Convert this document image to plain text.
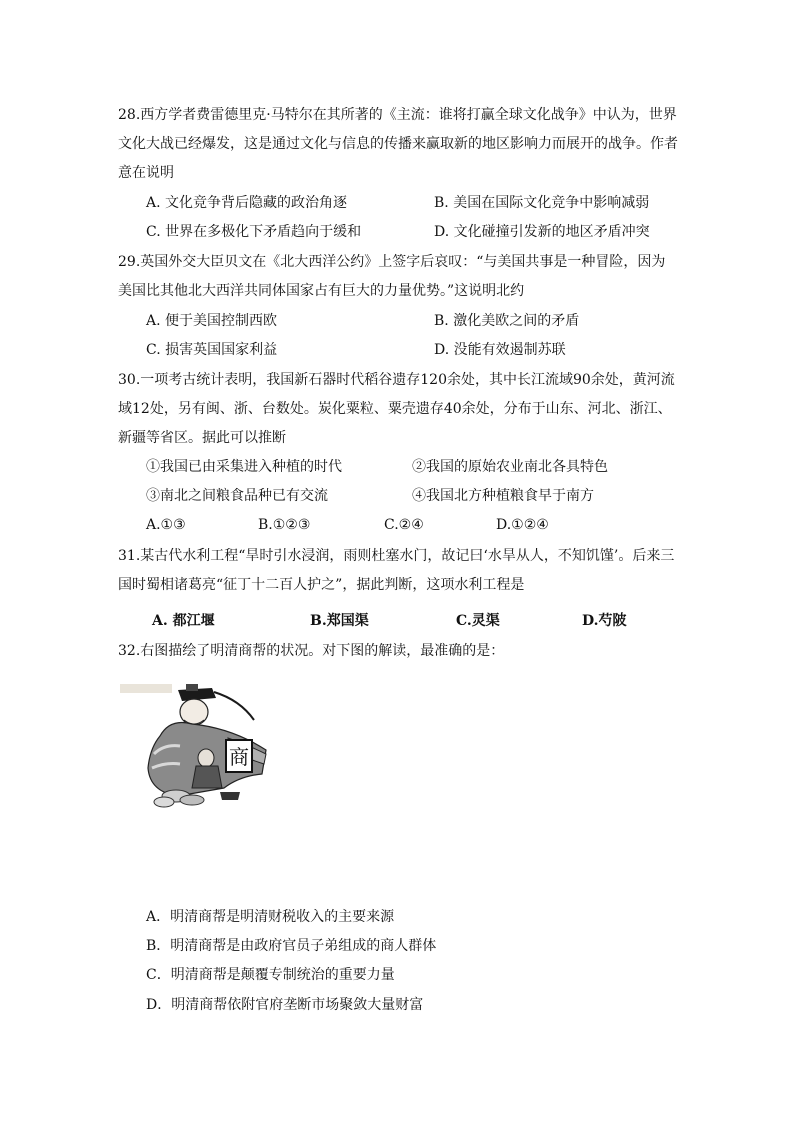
28.西方学者费雷德里克·马特尔在其所著的《主流：谁将打赢全球文化战争》中认为，世界文化大战已经爆发，这是通过文化与信息的传播来赢取新的地区影响力而展开的战争。作者意在说明
A. 文化竞争背后隐藏的政治角逐	B. 美国在国际文化竞争中影响减弱
C. 世界在多极化下矛盾趋向于缓和	D. 文化碰撞引发新的地区矛盾冲突
29.英国外交大臣贝文在《北大西洋公约》上签字后哀叹：“与美国共事是一种冒险，因为美国比其他北大西洋共同体国家占有巨大的力量优势。”这说明北约
A. 便于美国控制西欧	B. 激化美欧之间的矛盾
C. 损害英国国家利益	D. 没能有效遏制苏联
30.一项考古统计表明，我国新石器时代稻谷遗存120余处，其中长江流域90余处，黄河流域12处，另有闽、浙、台数处。炭化粟粒、粟壳遗存40余处，分布于山东、河北、浙江、新疆等省区。据此可以推断
①我国已由采集进入种植的时代	②我国的原始农业南北各具特色
③南北之间粮食品种已有交流	④我国北方种植粮食早于南方
A.①③	B.①②③	C.②④	D.①②④
31.某古代水利工程“旱时引水浸润，雨则杜塞水门，故记曰‘水旱从人，不知饥馑’。后来三国时蜀相诸葛亮“征丁十二百人护之”，据此判断，这项水利工程是
A. 都江堰	B.郑国渠	C.灵渠	D.芍陂
32.右图描绘了明清商帮的状况。对下图的解读，最准确的是：
商
A．明清商帮是明清财税收入的主要来源
B．明清商帮是由政府官员子弟组成的商人群体
C．明清商帮是颠覆专制统治的重要力量
D．明清商帮依附官府垄断市场聚敛大量财富
